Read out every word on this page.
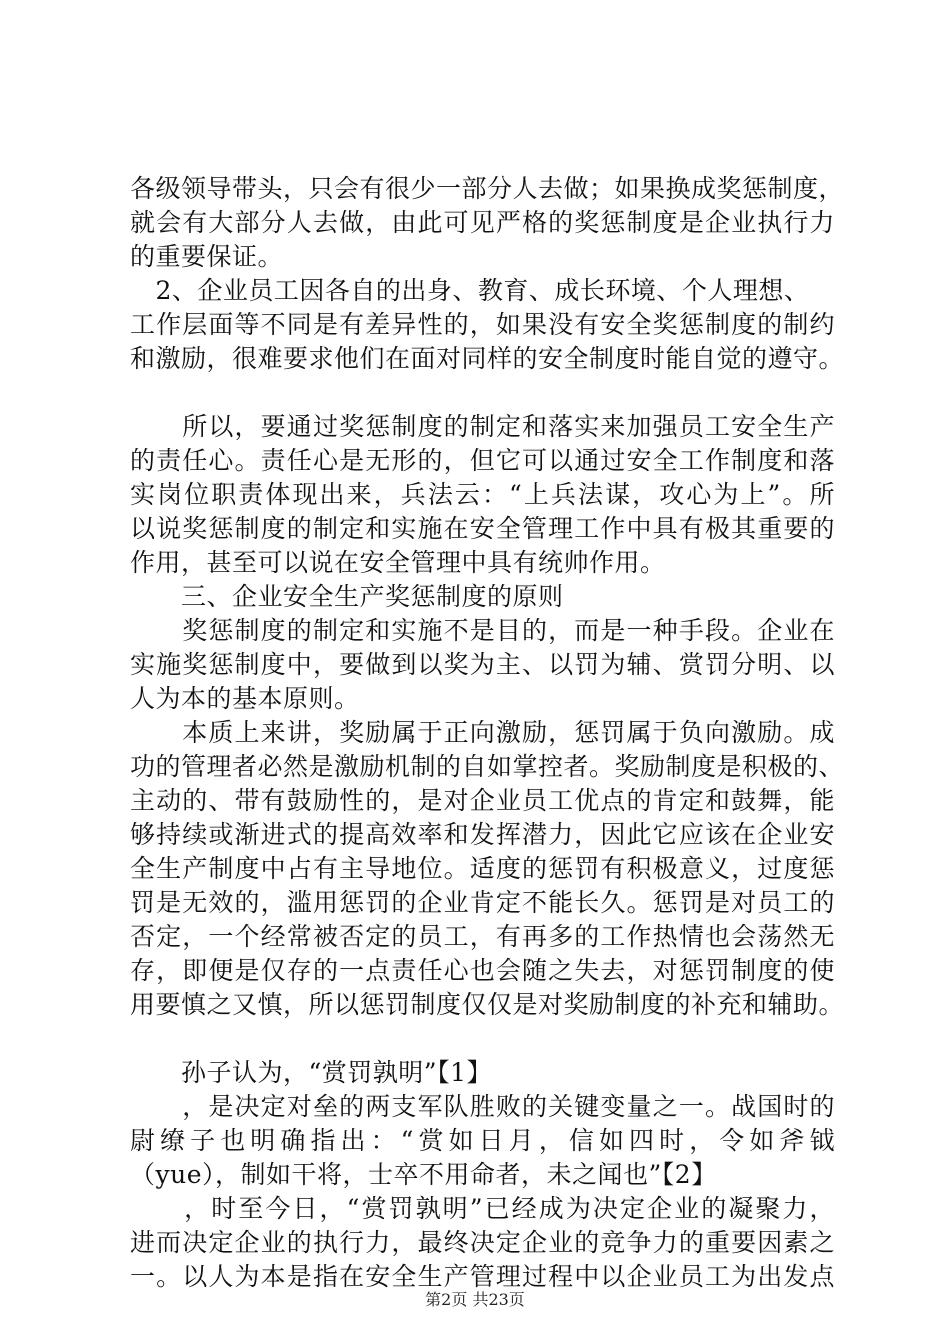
各级领导带头，只会有很少一部分人去做；如果换成奖惩制度，
就会有大部分人去做，由此可见严格的奖惩制度是企业执行力
的重要保证。
　2、企业员工因各自的出身、教育、成长环境、个人理想、
工作层面等不同是有差异性的，如果没有安全奖惩制度的制约
和激励，很难要求他们在面对同样的安全制度时能自觉的遵守。
　　所以，要通过奖惩制度的制定和落实来加强员工安全生产
的责任心。责任心是无形的，但它可以通过安全工作制度和落
实岗位职责体现出来，兵法云：“上兵法谋，攻心为上”。所
以说奖惩制度的制定和实施在安全管理工作中具有极其重要的
作用，甚至可以说在安全管理中具有统帅作用。
　　三、企业安全生产奖惩制度的原则
　　奖惩制度的制定和实施不是目的，而是一种手段。企业在
实施奖惩制度中，要做到以奖为主、以罚为辅、赏罚分明、以
人为本的基本原则。
　　本质上来讲，奖励属于正向激励，惩罚属于负向激励。成
功的管理者必然是激励机制的自如掌控者。奖励制度是积极的、
主动的、带有鼓励性的，是对企业员工优点的肯定和鼓舞，能
够持续或渐进式的提高效率和发挥潜力，因此它应该在企业安
全生产制度中占有主导地位。适度的惩罚有积极意义，过度惩
罚是无效的，滥用惩罚的企业肯定不能长久。惩罚是对员工的
否定，一个经常被否定的员工，有再多的工作热情也会荡然无
存，即便是仅存的一点责任心也会随之失去，对惩罚制度的使
用要慎之又慎，所以惩罚制度仅仅是对奖励制度的补充和辅助。
　　孙子认为，“赏罚孰明”【1】
　　，是决定对垒的两支军队胜败的关键变量之一。战国时的
尉缭子也明确指出：“赏如日月，信如四时，令如斧钺
（yue），制如干将，士卒不用命者，未之闻也”【2】
　　，时至今日，“赏罚孰明”已经成为决定企业的凝聚力，
进而决定企业的执行力，最终决定企业的竞争力的重要因素之
一。以人为本是指在安全生产管理过程中以企业员工为出发点
第2页 共23页
